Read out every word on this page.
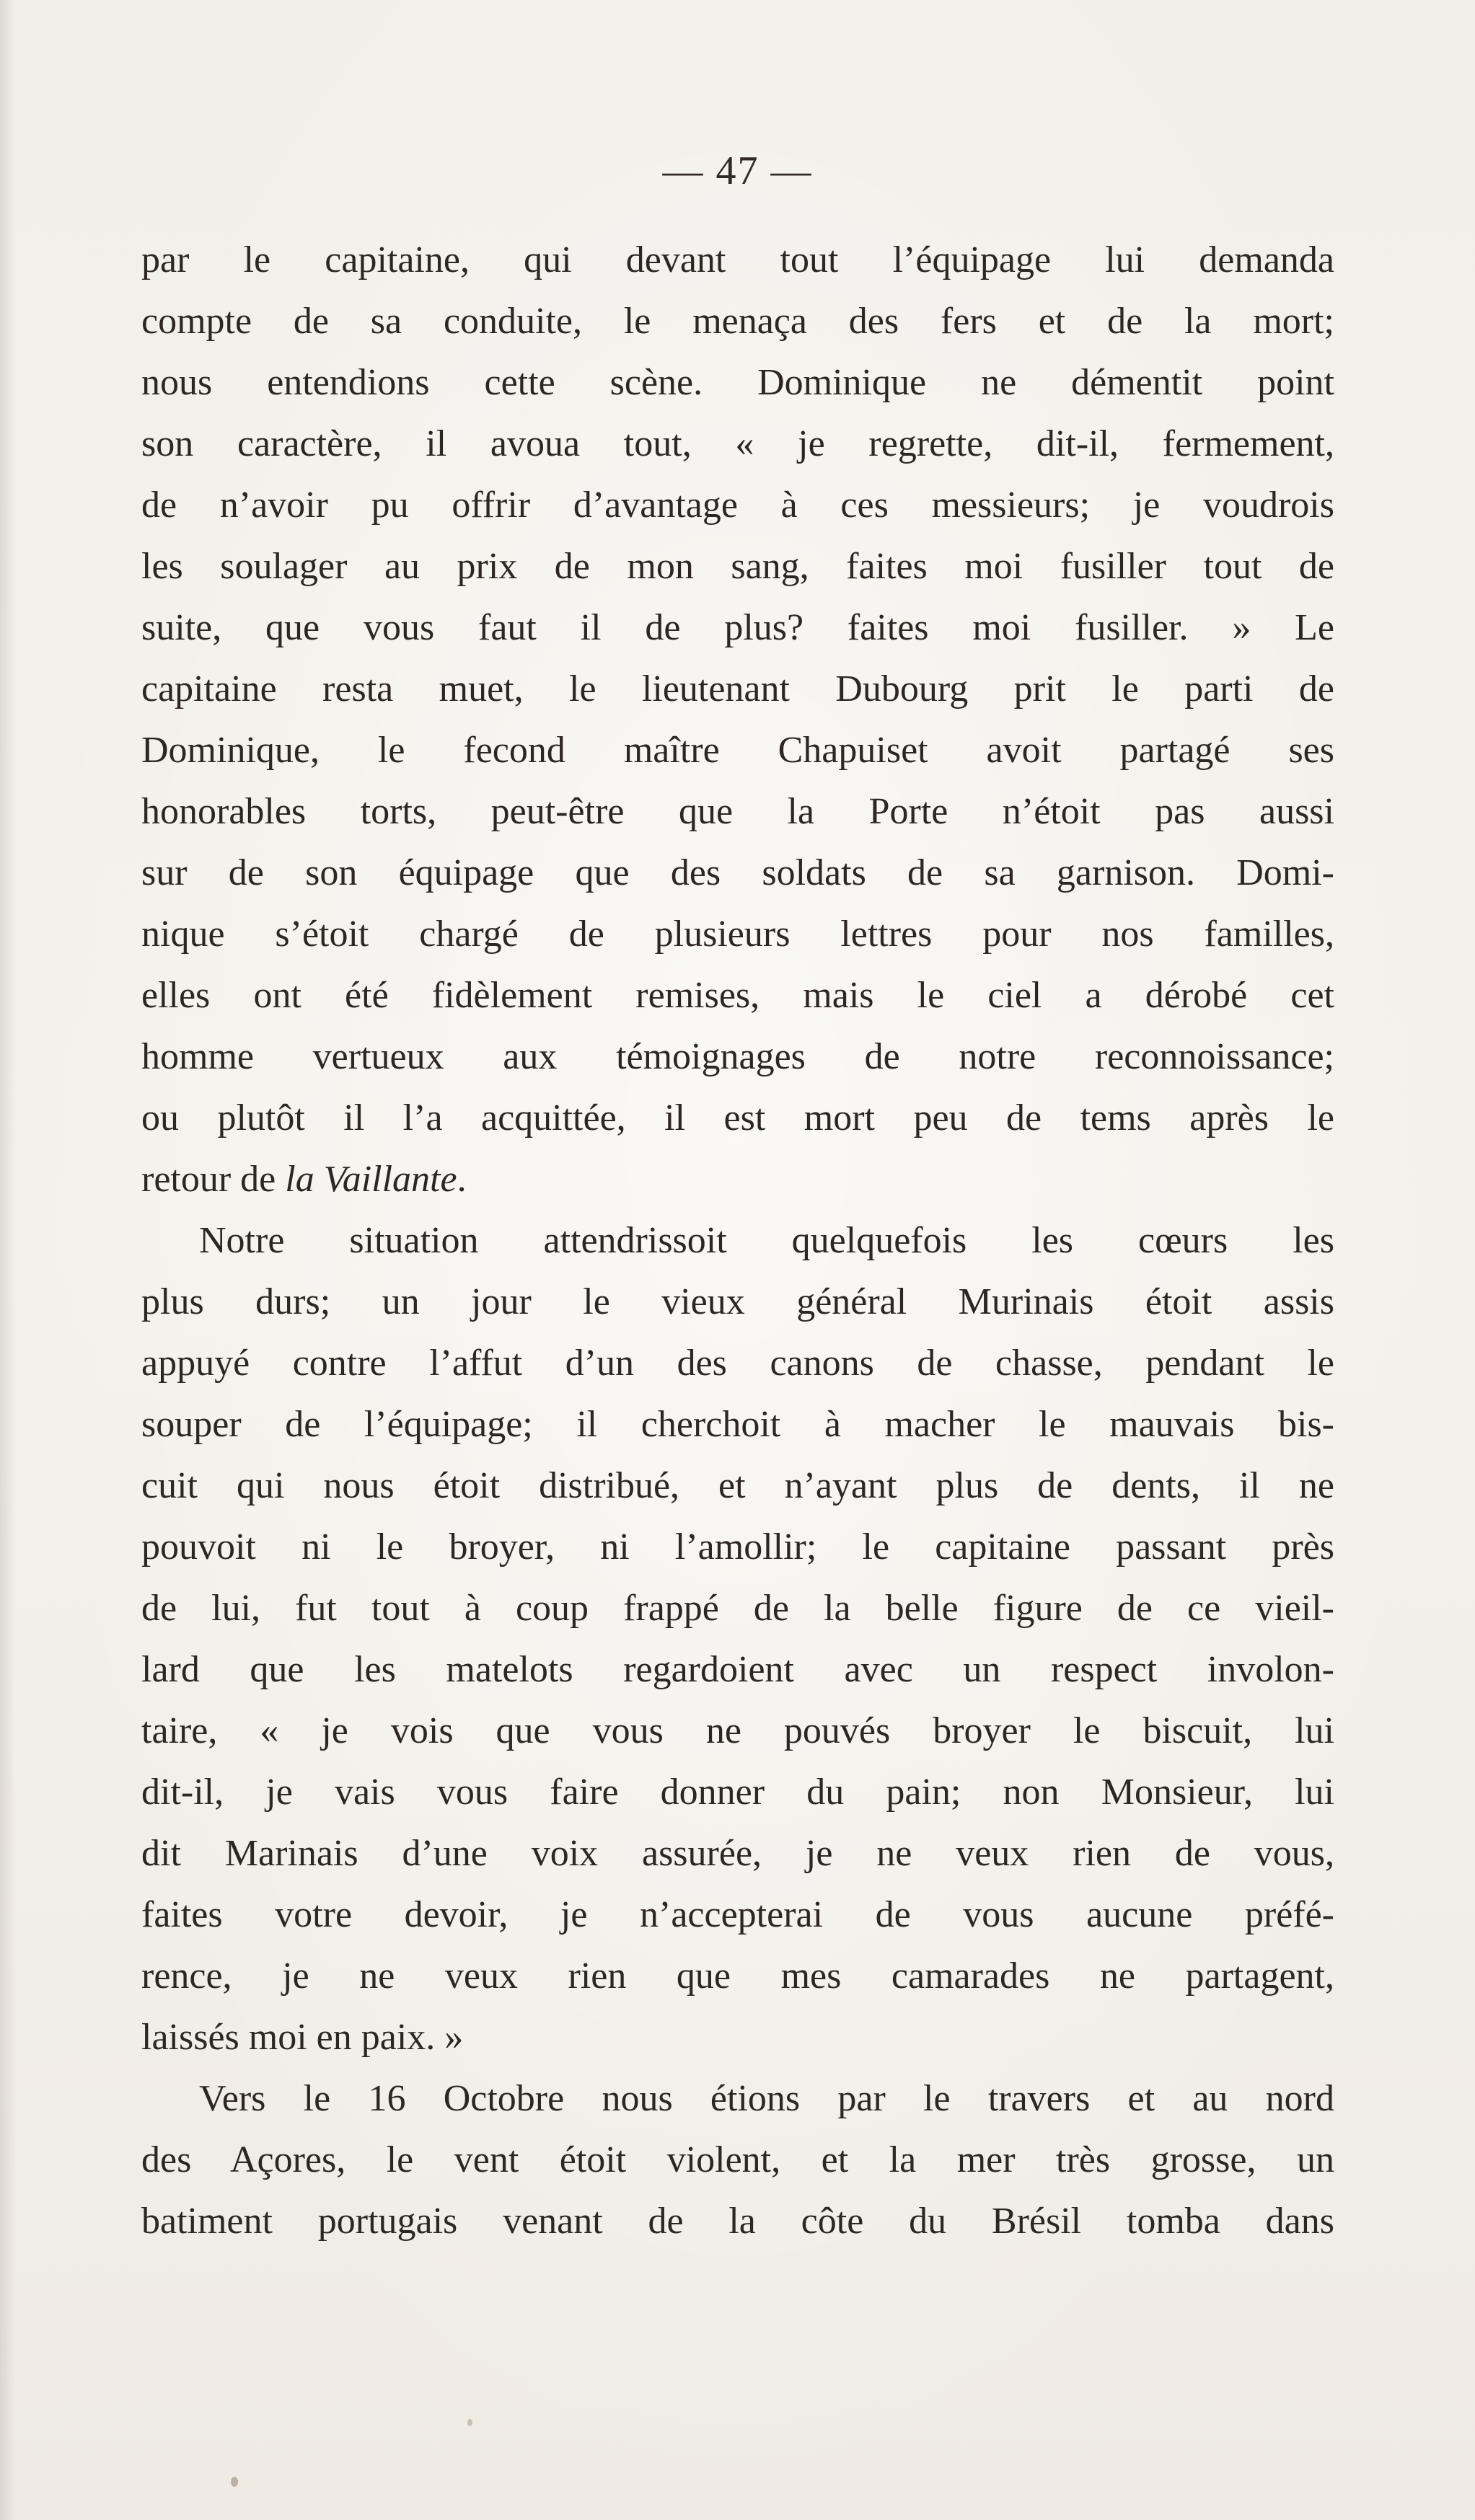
— 47 —
par le capitaine, qui devant tout l’équipage lui demanda
compte de sa conduite, le menaça des fers et de la mort;
nous entendions cette scène. Dominique ne démentit point
son caractère, il avoua tout, « je regrette, dit-il, fermement,
de n’avoir pu offrir d’avantage à ces messieurs; je voudrois
les soulager au prix de mon sang, faites moi fusiller tout de
suite, que vous faut il de plus? faites moi fusiller. » Le
capitaine resta muet, le lieutenant Dubourg prit le parti de
Dominique, le fecond maître Chapuiset avoit partagé ses
honorables torts, peut-être que la Porte n’étoit pas aussi
sur de son équipage que des soldats de sa garnison. Domi-
nique s’étoit chargé de plusieurs lettres pour nos familles,
elles ont été fidèlement remises, mais le ciel a dérobé cet
homme vertueux aux témoignages de notre reconnoissance;
ou plutôt il l’a acquittée, il est mort peu de tems après le
retour de la Vaillante.
Notre situation attendrissoit quelquefois les cœurs les
plus durs; un jour le vieux général Murinais étoit assis
appuyé contre l’affut d’un des canons de chasse, pendant le
souper de l’équipage; il cherchoit à macher le mauvais bis-
cuit qui nous étoit distribué, et n’ayant plus de dents, il ne
pouvoit ni le broyer, ni l’amollir; le capitaine passant près
de lui, fut tout à coup frappé de la belle figure de ce vieil-
lard que les matelots regardoient avec un respect involon-
taire, « je vois que vous ne pouvés broyer le biscuit, lui
dit-il, je vais vous faire donner du pain; non Monsieur, lui
dit Marinais d’une voix assurée, je ne veux rien de vous,
faites votre devoir, je n’accepterai de vous aucune préfé-
rence, je ne veux rien que mes camarades ne partagent,
laissés moi en paix. »
Vers le 16 Octobre nous étions par le travers et au nord
des Açores, le vent étoit violent, et la mer très grosse, un
batiment portugais venant de la côte du Brésil tomba dans
